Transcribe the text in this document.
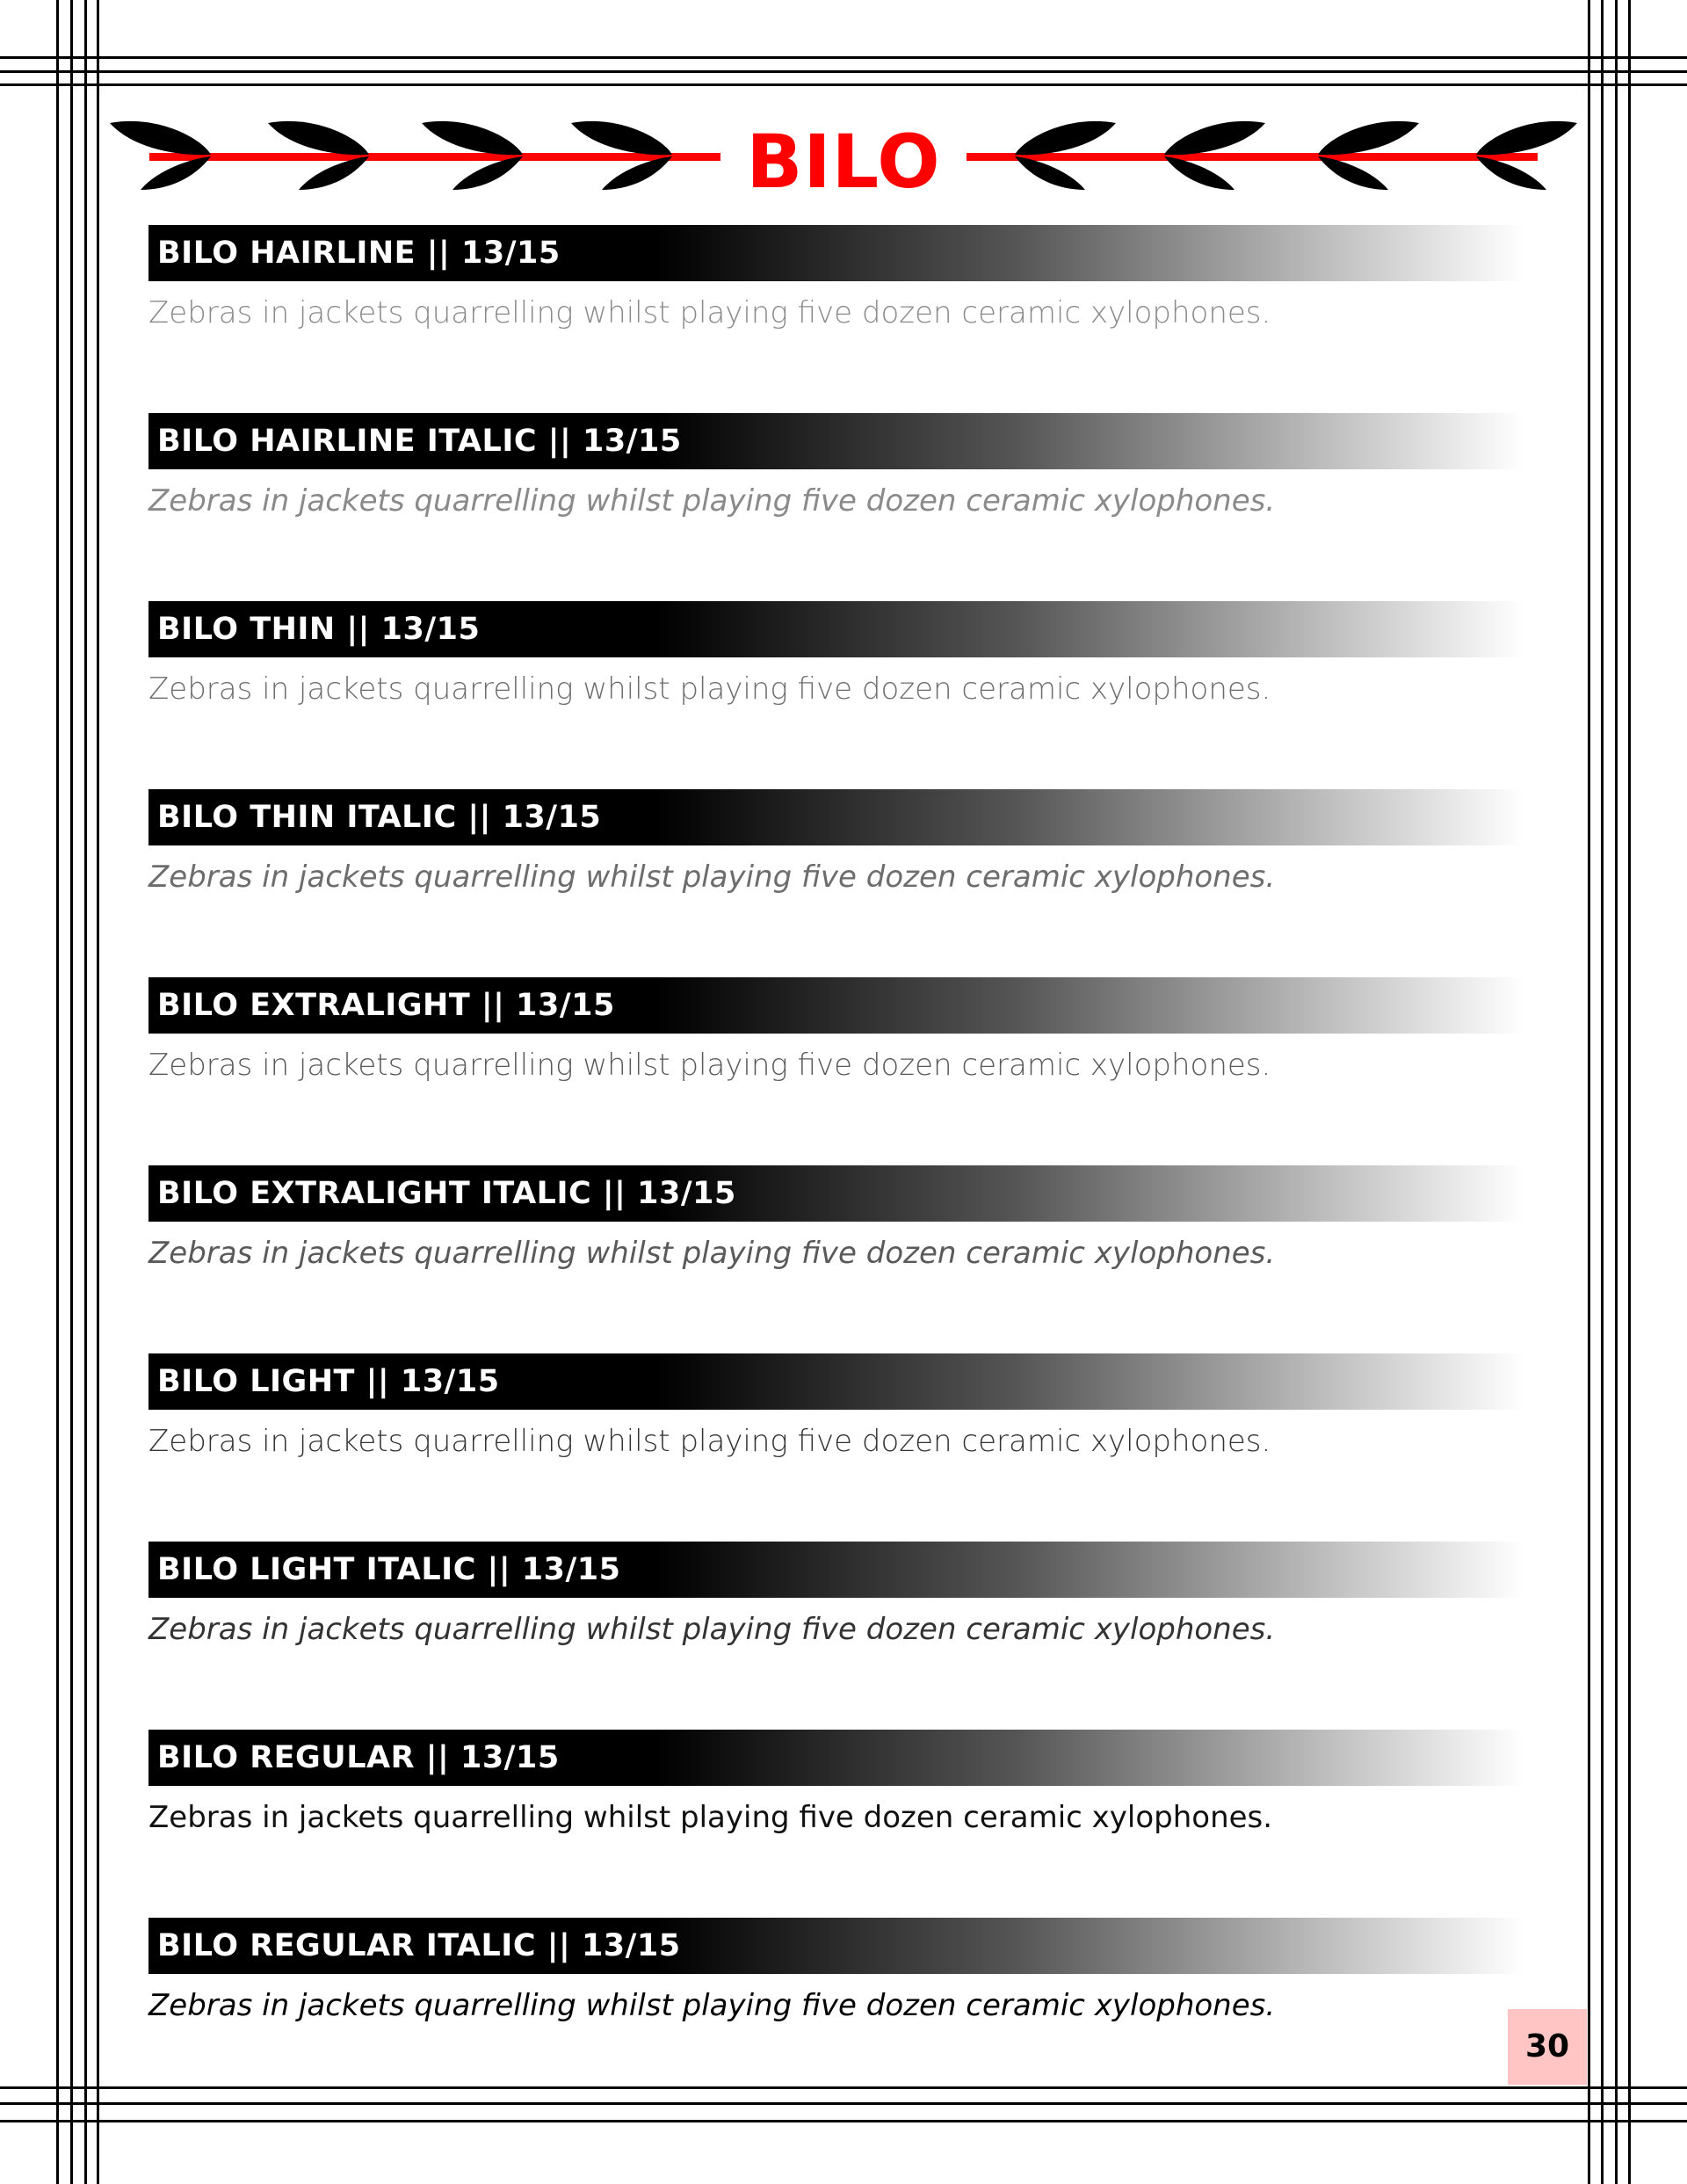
BILO
BILO HAIRLINE || 13/15
Zebras in jackets quarrelling whilst playing five dozen ceramic xylophones.
BILO HAIRLINE ITALIC || 13/15
Zebras in jackets quarrelling whilst playing five dozen ceramic xylophones.
BILO THIN || 13/15
Zebras in jackets quarrelling whilst playing five dozen ceramic xylophones.
BILO THIN ITALIC || 13/15
Zebras in jackets quarrelling whilst playing five dozen ceramic xylophones.
BILO EXTRALIGHT || 13/15
Zebras in jackets quarrelling whilst playing five dozen ceramic xylophones.
BILO EXTRALIGHT ITALIC || 13/15
Zebras in jackets quarrelling whilst playing five dozen ceramic xylophones.
BILO LIGHT || 13/15
Zebras in jackets quarrelling whilst playing five dozen ceramic xylophones.
BILO LIGHT ITALIC || 13/15
Zebras in jackets quarrelling whilst playing five dozen ceramic xylophones.
BILO REGULAR || 13/15
Zebras in jackets quarrelling whilst playing five dozen ceramic xylophones.
BILO REGULAR ITALIC || 13/15
Zebras in jackets quarrelling whilst playing five dozen ceramic xylophones.
30
